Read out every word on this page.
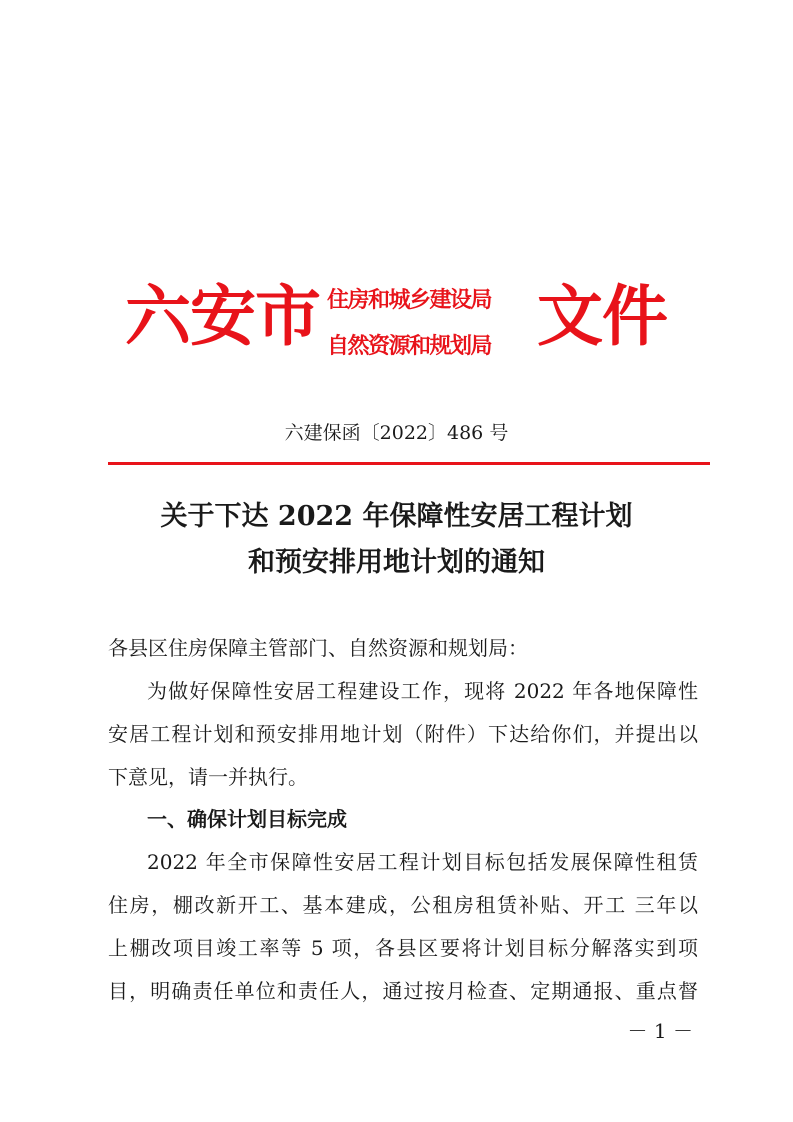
六安市 住房和城乡建设局
自然资源和规划局 文件
六建保函〔2022〕486 号
关于下达 2022 年保障性安居工程计划
和预安排用地计划的通知
各县区住房保障主管部门、自然资源和规划局：
为做好保障性安居工程建设工作，现将 2022 年各地保障性
安居工程计划和预安排用地计划（附件）下达给你们，并提出以
下意见，请一并执行。
一、确保计划目标完成
2022 年全市保障性安居工程计划目标包括发展保障性租赁
住房，棚改新开工、基本建成，公租房租赁补贴、开工 三年以
上棚改项目竣工率等 5 项，各县区要将计划目标分解落实到项
目，明确责任单位和责任人，通过按月检查、定期通报、重点督
－ 1 －
